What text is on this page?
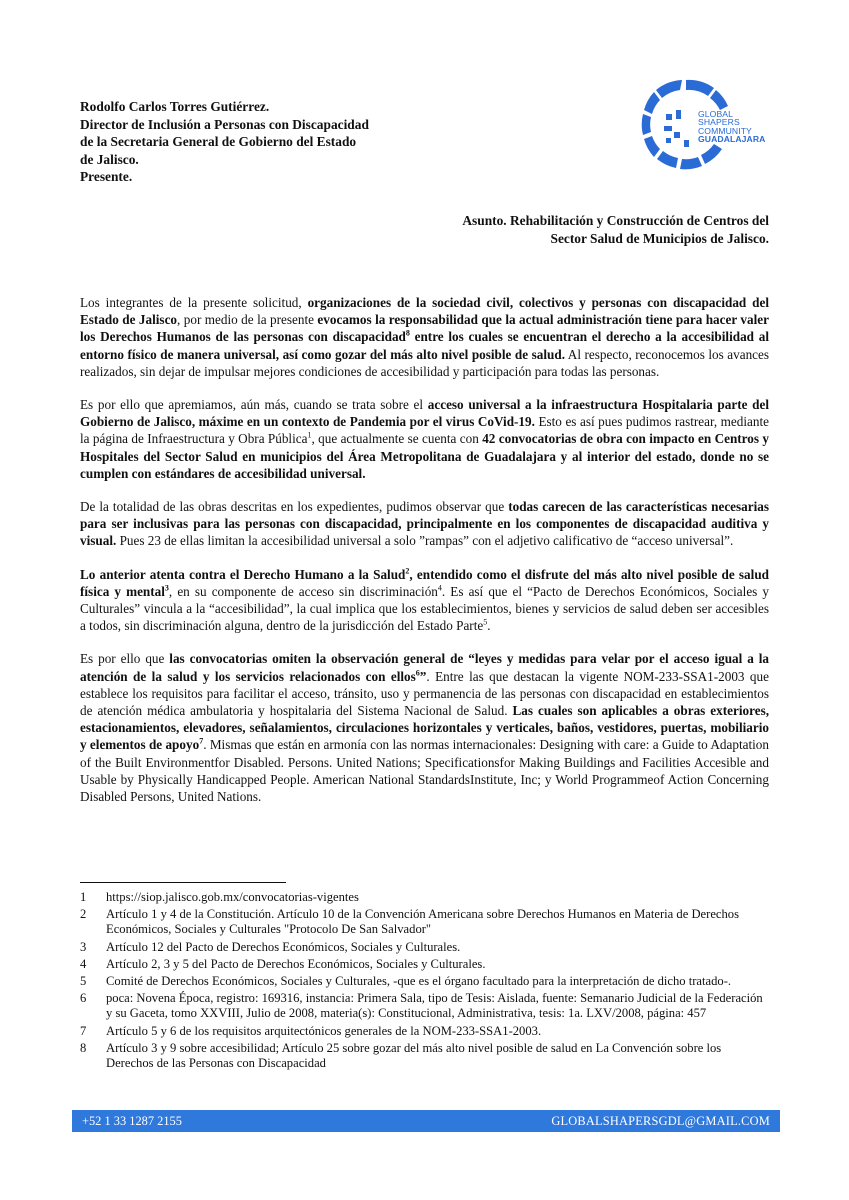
Rodolfo Carlos Torres Gutiérrez.
Director de Inclusión a Personas con Discapacidad
de la Secretaria General de Gobierno del Estado
de Jalisco.
Presente.
GLOBAL
SHAPERS
COMMUNITY
GUADALAJARA
Asunto. Rehabilitación y Construcción de Centros del
Sector Salud de Municipios de Jalisco.

Los integrantes de la presente solicitud, organizaciones de la sociedad civil, colectivos y personas con discapacidad del Estado de Jalisco, por medio de la presente evocamos la responsabilidad que la actual administración tiene para hacer valer los Derechos Humanos de las personas con discapacidad$^8$ entre los cuales se encuentran el derecho a la accesibilidad al entorno físico de manera universal, así como gozar del más alto nivel posible de salud. Al respecto, reconocemos los avances realizados, sin dejar de impulsar mejores condiciones de accesibilidad y participación para todas las personas.

Es por ello que apremiamos, aún más, cuando se trata sobre el acceso universal a la infraestructura Hospitalaria parte del Gobierno de Jalisco, máxime en un contexto de Pandemia por el virus CoVid-19. Esto es así pues pudimos rastrear, mediante la página de Infraestructura y Obra Pública$^1$, que actualmente se cuenta con 42 convocatorias de obra con impacto en Centros y Hospitales del Sector Salud en municipios del Área Metropolitana de Guadalajara y al interior del estado, donde no se cumplen con estándares de accesibilidad universal.

De la totalidad de las obras descritas en los expedientes, pudimos observar que todas carecen de las características necesarias para ser inclusivas para las personas con discapacidad, principalmente en los componentes de discapacidad auditiva y visual. Pues 23 de ellas limitan la accesibilidad universal a solo ”rampas” con el adjetivo calificativo de “acceso universal”.

Lo anterior atenta contra el Derecho Humano a la Salud$^2$, entendido como el disfrute del más alto nivel posible de salud física y mental$^3$, en su componente de acceso sin discriminación$^4$. Es así que el “Pacto de Derechos Económicos, Sociales y Culturales” vincula a la “accesibilidad”, la cual implica que los establecimientos, bienes y servicios de salud deben ser accesibles a todos, sin discriminación alguna, dentro de la jurisdicción del Estado Parte$^5$.

Es por ello que las convocatorias omiten la observación general de “leyes y medidas para velar por el acceso igual a la atención de la salud y los servicios relacionados con ellos$^6$”. Entre las que destacan la vigente NOM-233-SSA1-2003 que establece los requisitos para facilitar el acceso, tránsito, uso y permanencia de las personas con discapacidad en establecimientos de atención médica ambulatoria y hospitalaria del Sistema Nacional de Salud. Las cuales son aplicables a obras exteriores, estacionamientos, elevadores, señalamientos, circulaciones horizontales y verticales, baños, vestidores, puertas, mobiliario y elementos de apoyo$^7$. Mismas que están en armonía con las normas internacionales: Designing with care: a Guide to Adaptation of the Built Environmentfor Disabled. Persons. United Nations; Specificationsfor Making Buildings and Facilities Accesible and Usable by Physically Handicapped People. American National StandardsInstitute, Inc; y World Programmeof Action Concerning Disabled Persons, United Nations.

1	https://siop.jalisco.gob.mx/convocatorias-vigentes
2	Artículo 1 y 4 de la Constitución. Artículo 10 de la Convención Americana sobre Derechos Humanos en Materia de Derechos Económicos, Sociales y Culturales "Protocolo De San Salvador"
3	Artículo 12 del Pacto de Derechos Económicos, Sociales y Culturales.
4	Artículo 2, 3 y 5 del Pacto de Derechos Económicos, Sociales y Culturales.
5	Comité de Derechos Económicos, Sociales y Culturales, -que es el órgano facultado para la interpretación de dicho tratado-.
6	poca: Novena Época, registro: 169316, instancia: Primera Sala, tipo de Tesis: Aislada, fuente: Semanario Judicial de la Federación y su Gaceta, tomo XXVIII, Julio de 2008, materia(s): Constitucional, Administrativa, tesis: 1a. LXV/2008, página: 457
7	Artículo 5 y 6 de los requisitos arquitectónicos generales de la NOM-233-SSA1-2003.
8	Artículo 3 y 9 sobre accesibilidad; Artículo 25 sobre gozar del más alto nivel posible de salud en La Convención sobre los Derechos de las Personas con Discapacidad
+52 1 33 1287 2155	GLOBALSHAPERSGDL@GMAIL.COM
